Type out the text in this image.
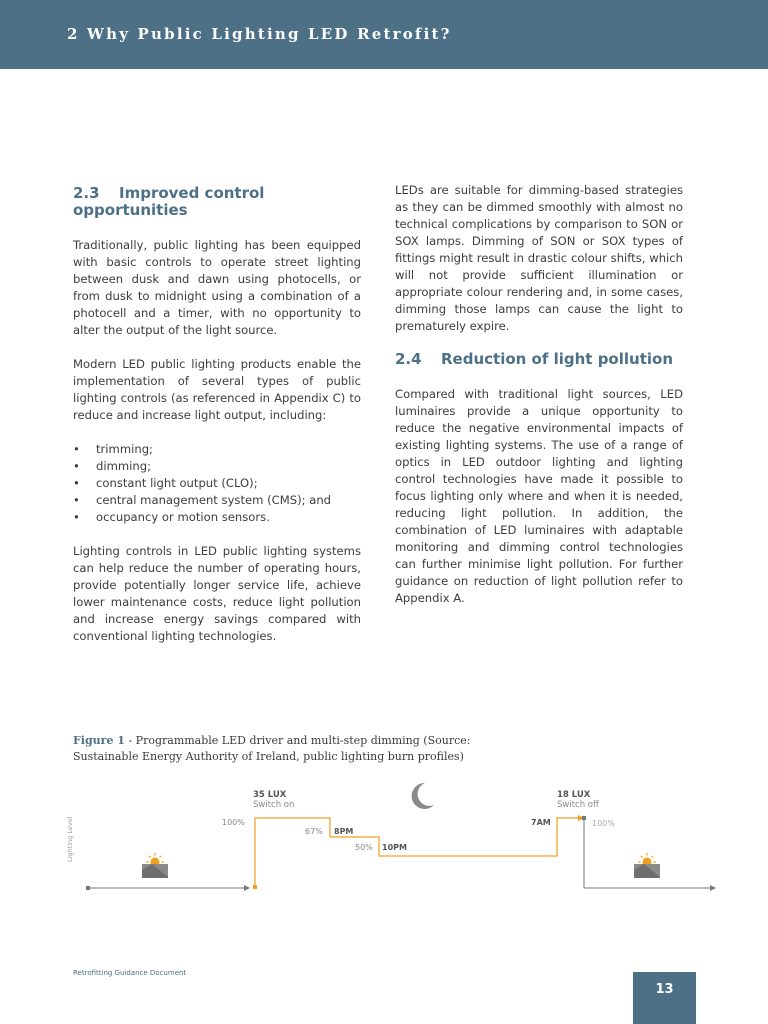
2 Why Public Lighting LED Retrofit?
2.3 Improved control
opportunities

Traditionally, public lighting has been equipped with basic controls to operate street lighting between dusk and dawn using photocells, or from dusk to midnight using a combination of a photocell and a timer, with no opportunity to alter the output of the light source.

Modern LED public lighting products enable the implementation of several types of public lighting controls (as referenced in Appendix C) to reduce and increase light output, including:

• trimming;
• dimming;
• constant light output (CLO);
• central management system (CMS); and
• occupancy or motion sensors.

Lighting controls in LED public lighting systems can help reduce the number of operating hours, provide potentially longer service life, achieve lower maintenance costs, reduce light pollution and increase energy savings compared with conventional lighting technologies.

LEDs are suitable for dimming-based strategies as they can be dimmed smoothly with almost no technical complications by comparison to SON or SOX lamps. Dimming of SON or SOX types of fittings might result in drastic colour shifts, which will not provide sufficient illumination or appropriate colour rendering and, in some cases, dimming those lamps can cause the light to prematurely expire.

2.4 Reduction of light pollution

Compared with traditional light sources, LED luminaires provide a unique opportunity to reduce the negative environmental impacts of existing lighting systems. The use of a range of optics in LED outdoor lighting and lighting control technologies have made it possible to focus lighting only where and when it is needed, reducing light pollution. In addition, the combination of LED luminaires with adaptable monitoring and dimming control technologies can further minimise light pollution. For further guidance on reduction of light pollution refer to Appendix A.

Figure 1 - Programmable LED driver and multi-step dimming (Source: Sustainable Energy Authority of Ireland, public lighting burn profiles)
Lighting Level
35 LUX
Switch on
100%
67% 8PM
50% 10PM
18 LUX
Switch off
7AM	100%
Retrofitting Guidance Document
13
